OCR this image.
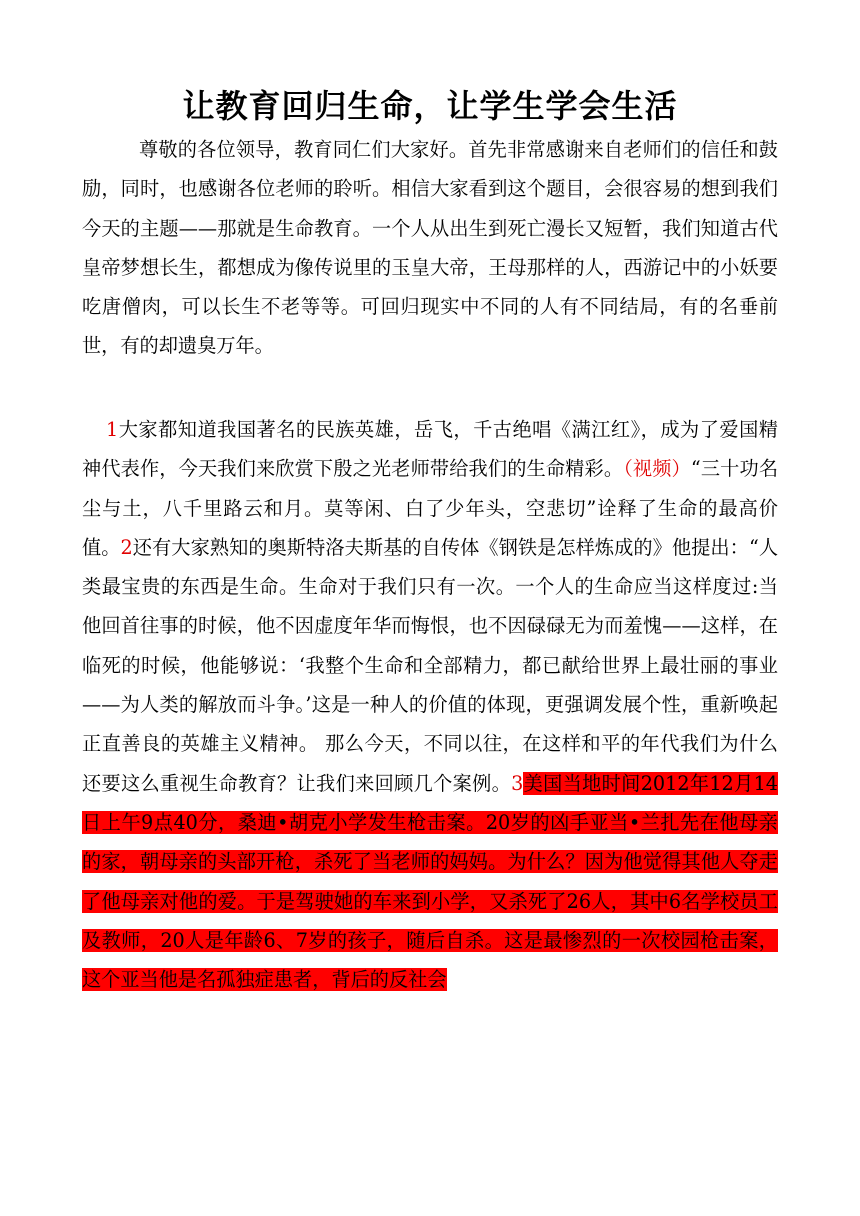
让教育回归生命，让学生学会生活
尊敬的各位领导，教育同仁们大家好。首先非常感谢来自老师们的信任和鼓励，同时，也感谢各位老师的聆听。相信大家看到这个题目，会很容易的想到我们今天的主题——那就是生命教育。一个人从出生到死亡漫长又短暂，我们知道古代皇帝梦想长生，都想成为像传说里的玉皇大帝，王母那样的人，西游记中的小妖要吃唐僧肉，可以长生不老等等。可回归现实中不同的人有不同结局，有的名垂前世，有的却遗臭万年。
1大家都知道我国著名的民族英雄，岳飞，千古绝唱《满江红》，成为了爱国精神代表作，今天我们来欣赏下殷之光老师带给我们的生命精彩。（视频）“三十功名尘与土，八千里路云和月。莫等闲、白了少年头，空悲切”诠释了生命的最高价值。2还有大家熟知的奥斯特洛夫斯基的自传体《钢铁是怎样炼成的》他提出：“人类最宝贵的东西是生命。生命对于我们只有一次。一个人的生命应当这样度过:当他回首往事的时候，他不因虚度年华而悔恨，也不因碌碌无为而羞愧——这样，在临死的时候，他能够说：‘我整个生命和全部精力，都已献给世界上最壮丽的事业——为人类的解放而斗争。’这是一种人的价值的体现，更强调发展个性，重新唤起正直善良的英雄主义精神。 那么今天，不同以往，在这样和平的年代我们为什么还要这么重视生命教育？让我们来回顾几个案例。3美国当地时间2012年12月14日上午9点40分，桑迪•胡克小学发生枪击案。20岁的凶手亚当•兰扎先在他母亲的家，朝母亲的头部开枪，杀死了当老师的妈妈。为什么？因为他觉得其他人夺走了他母亲对他的爱。于是驾驶她的车来到小学，又杀死了26人，其中6名学校员工及教师，20人是年龄6、7岁的孩子，随后自杀。这是最惨烈的一次校园枪击案，这个亚当他是名孤独症患者，背后的反社会
